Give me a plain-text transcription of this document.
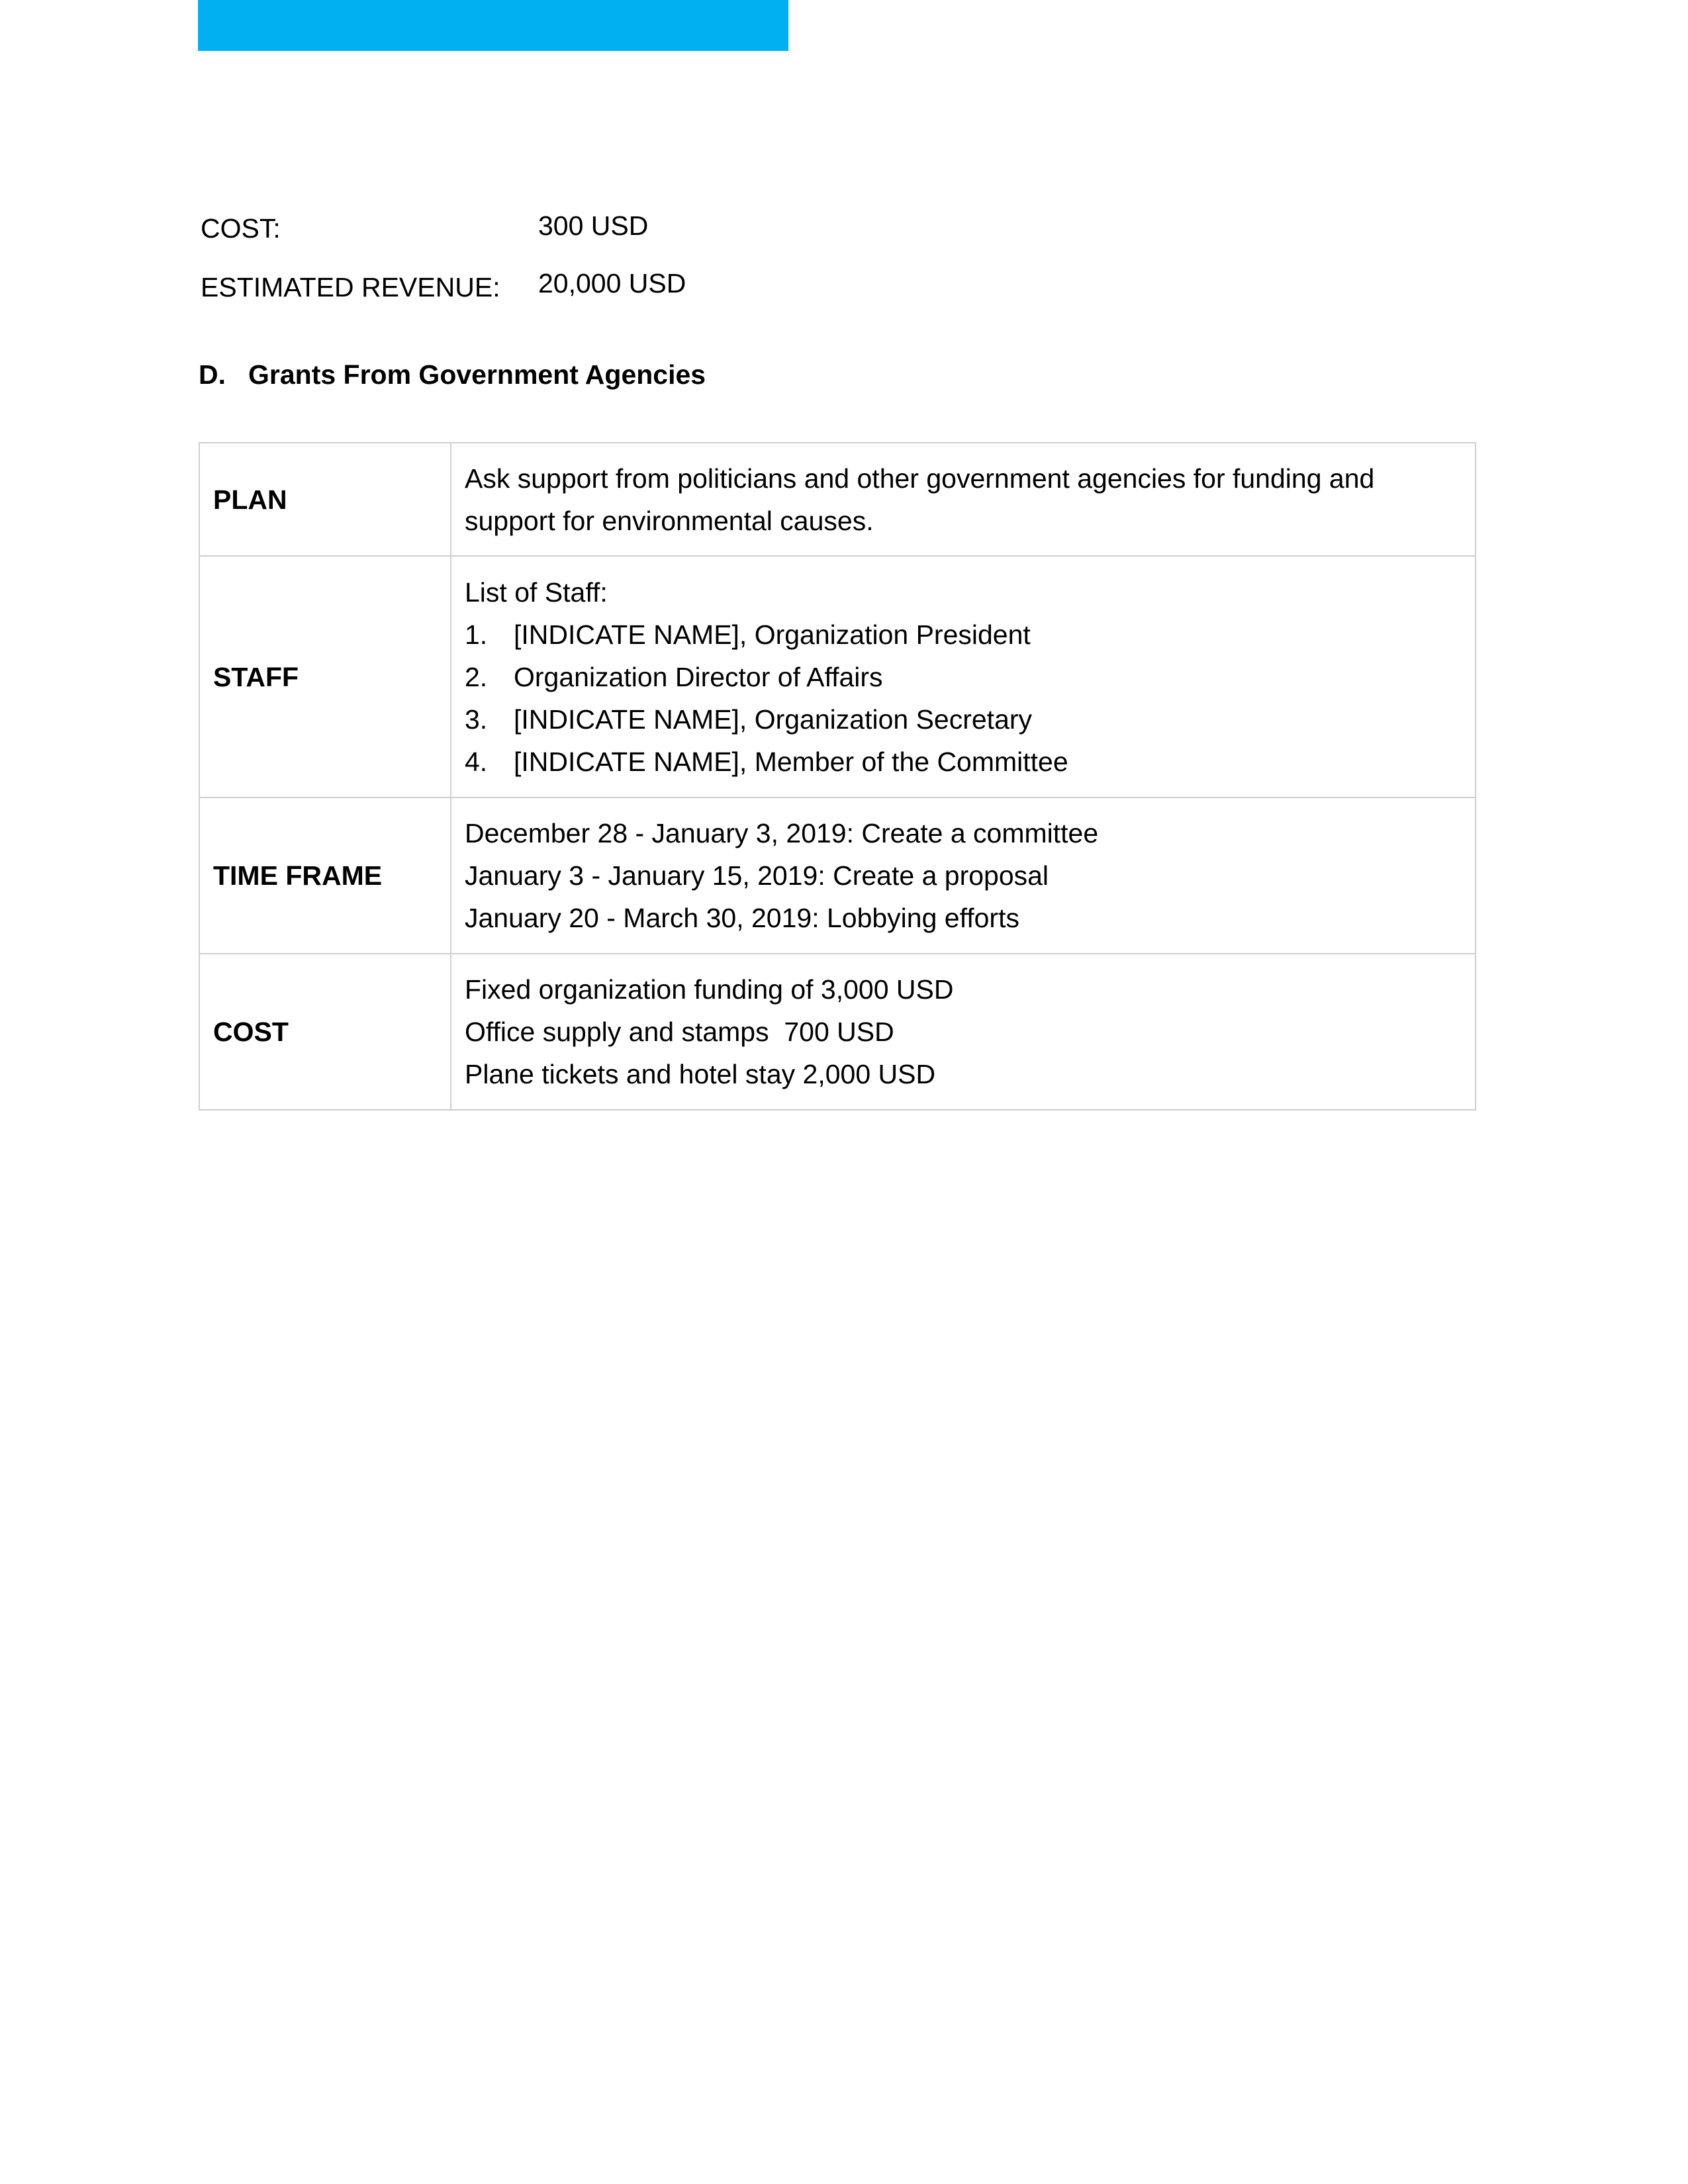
COST:	300 USD
ESTIMATED REVENUE: 20,000 USD
D. Grants From Government Agencies
PLAN	Ask support from politicians and other government agencies for funding and support for environmental causes.
STAFF	List of Staff:
1. [INDICATE NAME], Organization President
2. Organization Director of Affairs
3. [INDICATE NAME], Organization Secretary
4. [INDICATE NAME], Member of the Committee

TIME FRAME	December 28 - January 3, 2019: Create a committee
January 3 - January 15, 2019: Create a proposal
January 20 - March 30, 2019: Lobbying efforts

COST	Fixed organization funding of 3,000 USD
Office supply and stamps  700 USD
Plane tickets and hotel stay 2,000 USD
